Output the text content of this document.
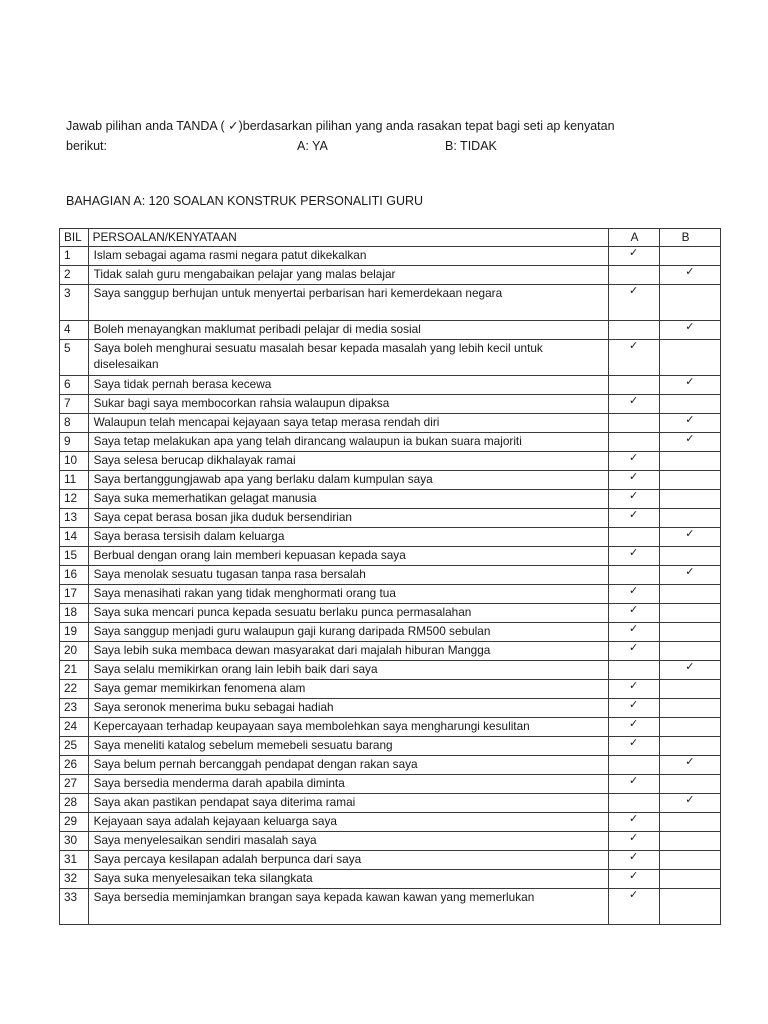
Jawab pilihan anda TANDA ( ✓)berdasarkan pilihan yang anda rasakan tepat bagi seti ap kenyatan
berikut:	A: YA	B: TIDAK
BAHAGIAN A: 120 SOALAN KONSTRUK PERSONALITI GURU
BIL	PERSOALAN/KENYATAAN	A	B
1	Islam sebagai agama rasmi negara patut dikekalkan	✓	
2	Tidak salah guru mengabaikan pelajar yang malas belajar		✓
3	Saya sanggup berhujan untuk menyertai perbarisan hari kemerdekaan negara	✓	
4	Boleh menayangkan maklumat peribadi pelajar di media sosial		✓
5	Saya boleh menghurai sesuatu masalah besar kepada masalah yang lebih kecil untuk diselesaikan	✓	
6	Saya tidak pernah berasa kecewa		✓
7	Sukar bagi saya membocorkan rahsia walaupun dipaksa	✓	
8	Walaupun telah mencapai kejayaan saya tetap merasa rendah diri		✓
9	Saya tetap melakukan apa yang telah dirancang walaupun ia bukan suara majoriti		✓
10	Saya selesa berucap dikhalayak ramai	✓	
11	Saya bertanggungjawab apa yang berlaku dalam kumpulan saya	✓	
12	Saya suka memerhatikan gelagat manusia	✓	
13	Saya cepat berasa bosan jika duduk bersendirian	✓	
14	Saya berasa tersisih dalam keluarga		✓
15	Berbual dengan orang lain memberi kepuasan kepada saya	✓	
16	Saya menolak sesuatu tugasan tanpa rasa bersalah		✓
17	Saya menasihati rakan yang tidak menghormati orang tua	✓	
18	Saya suka mencari punca kepada sesuatu berlaku punca permasalahan	✓	
19	Saya sanggup menjadi guru walaupun gaji kurang daripada RM500 sebulan	✓	
20	Saya lebih suka membaca dewan masyarakat dari majalah hiburan Mangga	✓	
21	Saya selalu memikirkan orang lain lebih baik dari saya		✓
22	Saya gemar memikirkan fenomena alam	✓	
23	Saya seronok menerima buku sebagai hadiah	✓	
24	Kepercayaan terhadap keupayaan saya membolehkan saya mengharungi kesulitan	✓	
25	Saya meneliti katalog sebelum memebeli sesuatu barang	✓	
26	Saya belum pernah bercanggah pendapat dengan rakan saya		✓
27	Saya bersedia menderma darah apabila diminta	✓	
28	Saya akan pastikan pendapat saya diterima ramai		✓
29	Kejayaan saya adalah kejayaan keluarga saya	✓	
30	Saya menyelesaikan sendiri masalah saya	✓	
31	Saya percaya kesilapan adalah berpunca dari saya	✓	
32	Saya suka menyelesaikan teka silangkata	✓	
33	Saya bersedia meminjamkan brangan saya kepada kawan kawan yang memerlukan	✓	
